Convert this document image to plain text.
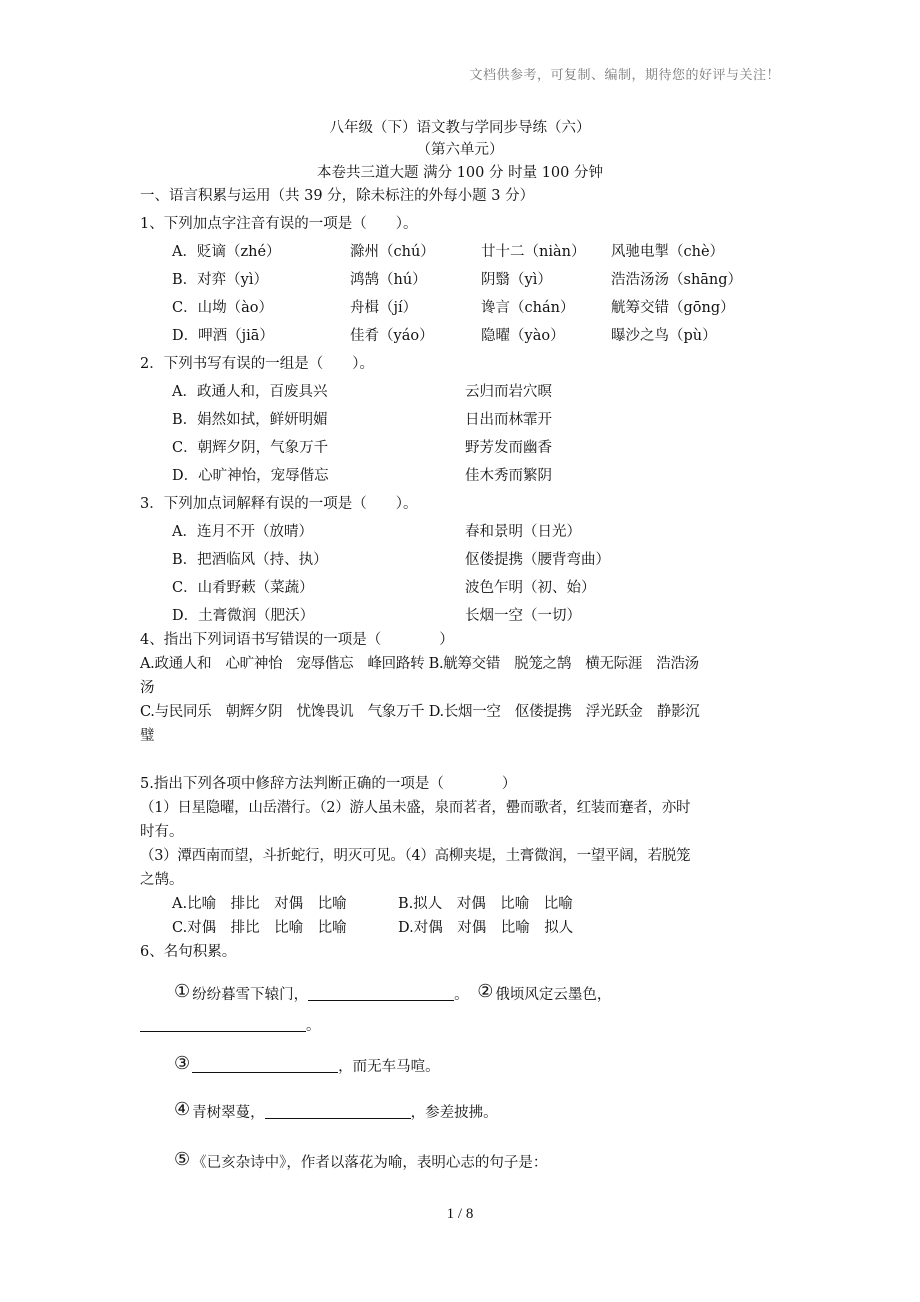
文档供参考，可复制、编制，期待您的好评与关注！
八年级（下）语文教与学同步导练（六）
（第六单元）
本卷共三道大题 满分 100 分 时量 100 分钟
一、语言积累与运用（共 39 分，除未标注的外每小题 3 分）
1、下列加点字注音有误的一项是（　　）。
A．贬谪（zhé）	滁州（chú）	廿十二（niàn） 风驰电掣（chè）
B．对弈（yì）	鸿鹄（hú）	阴翳（yì）	浩浩汤汤（shāng）
C．山坳（ào）	舟楫（jí）	谗言（chán）	觥筹交错（gōng）
D．呷酒（jiā）	佳肴（yáo）	隐曜（yào）	曝沙之鸟（pù）
2．下列书写有误的一组是（　　）。
A．政通人和，百废具兴	云归而岩穴暝
B．娟然如拭，鲜妍明媚	日出而林霏开
C．朝辉夕阴，气象万千	野芳发而幽香
D．心旷神怡，宠辱偕忘	佳木秀而繁阴
3．下列加点词解释有误的一项是（　　）。
A．连月不开（放晴）	春和景明（日光）
B．把酒临风（持、执）	伛偻提携（腰背弯曲）
C．山肴野蔌（菜蔬）	波色乍明（初、始）
D．土膏微润（肥沃）	长烟一空（一切）
4、指出下列词语书写错误的一项是（　　　　）
A.政通人和　心旷神怡　宠辱偕忘　峰回路转 B.觥筹交错　脱笼之鹄　横无际涯　浩浩汤
汤
C.与民同乐　朝辉夕阴　忧馋畏讥　气象万千 D.长烟一空　伛偻提携　浮光跃金　静影沉
璧
5.指出下列各项中修辞方法判断正确的一项是（　　　　）
（1）日星隐曜，山岳潜行。（2）游人虽未盛，泉而茗者，罍而歌者，红装而蹇者，亦时
时有。
（3）潭西南而望，斗折蛇行，明灭可见。（4）高柳夹堤，土膏微润，一望平阔，若脱笼
之鹄。
A.比喻　排比　对偶　比喻	B.拟人　对偶　比喻　比喻
C.对偶　排比　比喻　比喻	D.对偶　对偶　比喻　拟人
6、名句积累。
① 纷纷暮雪下辕门，	。 ② 俄顷风定云墨色，
。
③	，而无车马喧。
④ 青树翠蔓，	，参差披拂。
⑤ 《已亥杂诗中》，作者以落花为喻，表明心志的句子是：
1 / 8
